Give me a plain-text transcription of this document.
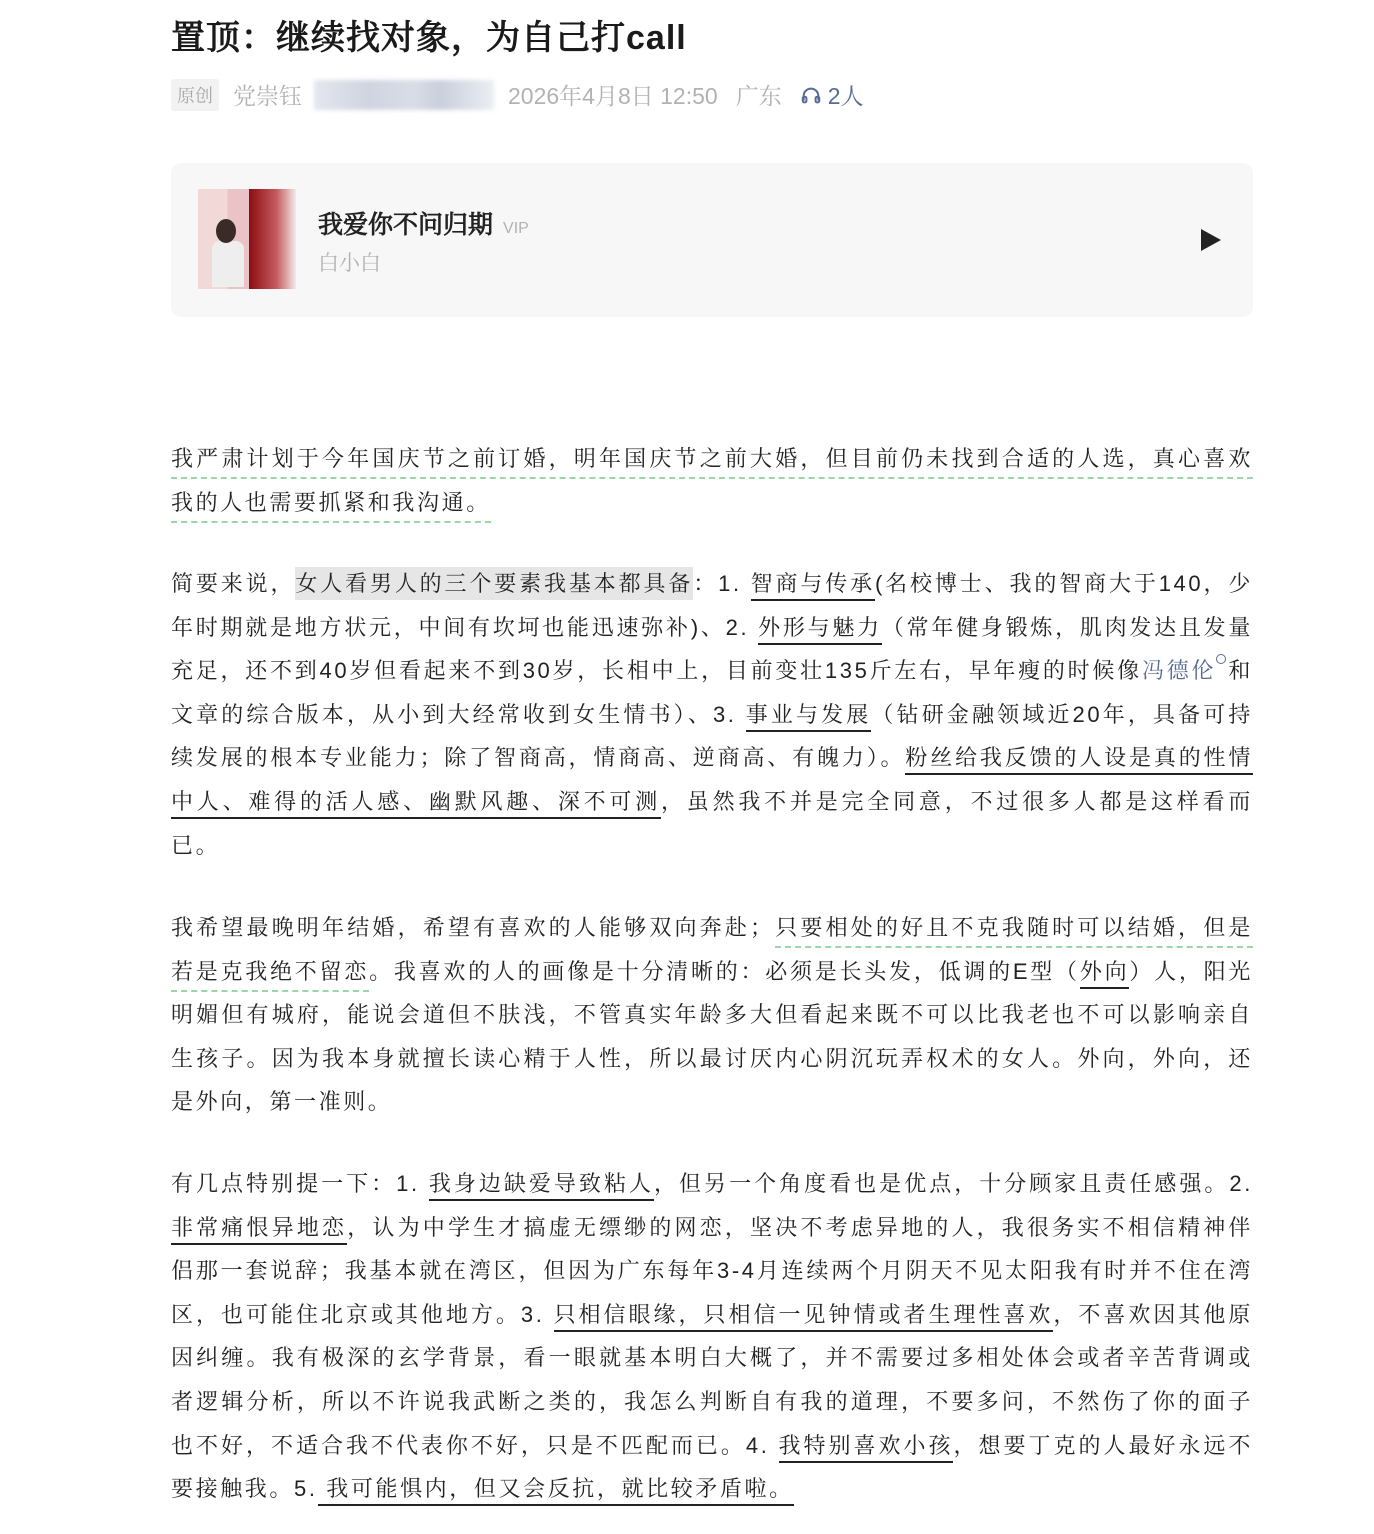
置顶：继续找对象，为自己打call
原创 党崇钰	2026年4月8日 12:50 广东 2人
我爱你不问归期 VIP
白小白

我严肃计划于今年国庆节之前订婚，明年国庆节之前大婚，但目前仍未找到合适的人选，真心喜欢我的人也需要抓紧和我沟通。

简要来说，女人看男人的三个要素我基本都具备：1. 智商与传承(名校博士、我的智商大于140，少年时期就是地方状元，中间有坎坷也能迅速弥补)、2. 外形与魅力（常年健身锻炼，肌肉发达且发量充足，还不到40岁但看起来不到30岁，长相中上，目前变壮135斤左右，早年瘦的时候像冯德伦 和文章的综合版本，从小到大经常收到女生情书）、3. 事业与发展（钻研金融领域近20年，具备可持续发展的根本专业能力；除了智商高，情商高、逆商高、有魄力）。粉丝给我反馈的人设是真的性情中人、难得的活人感、幽默风趣、深不可测，虽然我不并是完全同意，不过很多人都是这样看而已。

我希望最晚明年结婚，希望有喜欢的人能够双向奔赴；只要相处的好且不克我随时可以结婚，但是若是克我绝不留恋。我喜欢的人的画像是十分清晰的：必须是长头发，低调的E型（外向）人，阳光明媚但有城府，能说会道但不肤浅，不管真实年龄多大但看起来既不可以比我老也不可以影响亲自生孩子。因为我本身就擅长读心精于人性，所以最讨厌内心阴沉玩弄权术的女人。外向，外向，还是外向，第一准则。

有几点特别提一下：1. 我身边缺爱导致粘人，但另一个角度看也是优点，十分顾家且责任感强。2. 非常痛恨异地恋，认为中学生才搞虚无缥缈的网恋，坚决不考虑异地的人，我很务实不相信精神伴侣那一套说辞；我基本就在湾区，但因为广东每年3-4月连续两个月阴天不见太阳我有时并不住在湾区，也可能住北京或其他地方。3. 只相信眼缘，只相信一见钟情或者生理性喜欢，不喜欢因其他原因纠缠。我有极深的玄学背景，看一眼就基本明白大概了，并不需要过多相处体会或者辛苦背调或者逻辑分析，所以不许说我武断之类的，我怎么判断自有我的道理，不要多问，不然伤了你的面子也不好，不适合我不代表你不好，只是不匹配而已。4. 我特别喜欢小孩，想要丁克的人最好永远不要接触我。5. 我可能惧内，但又会反抗，就比较矛盾啦。
